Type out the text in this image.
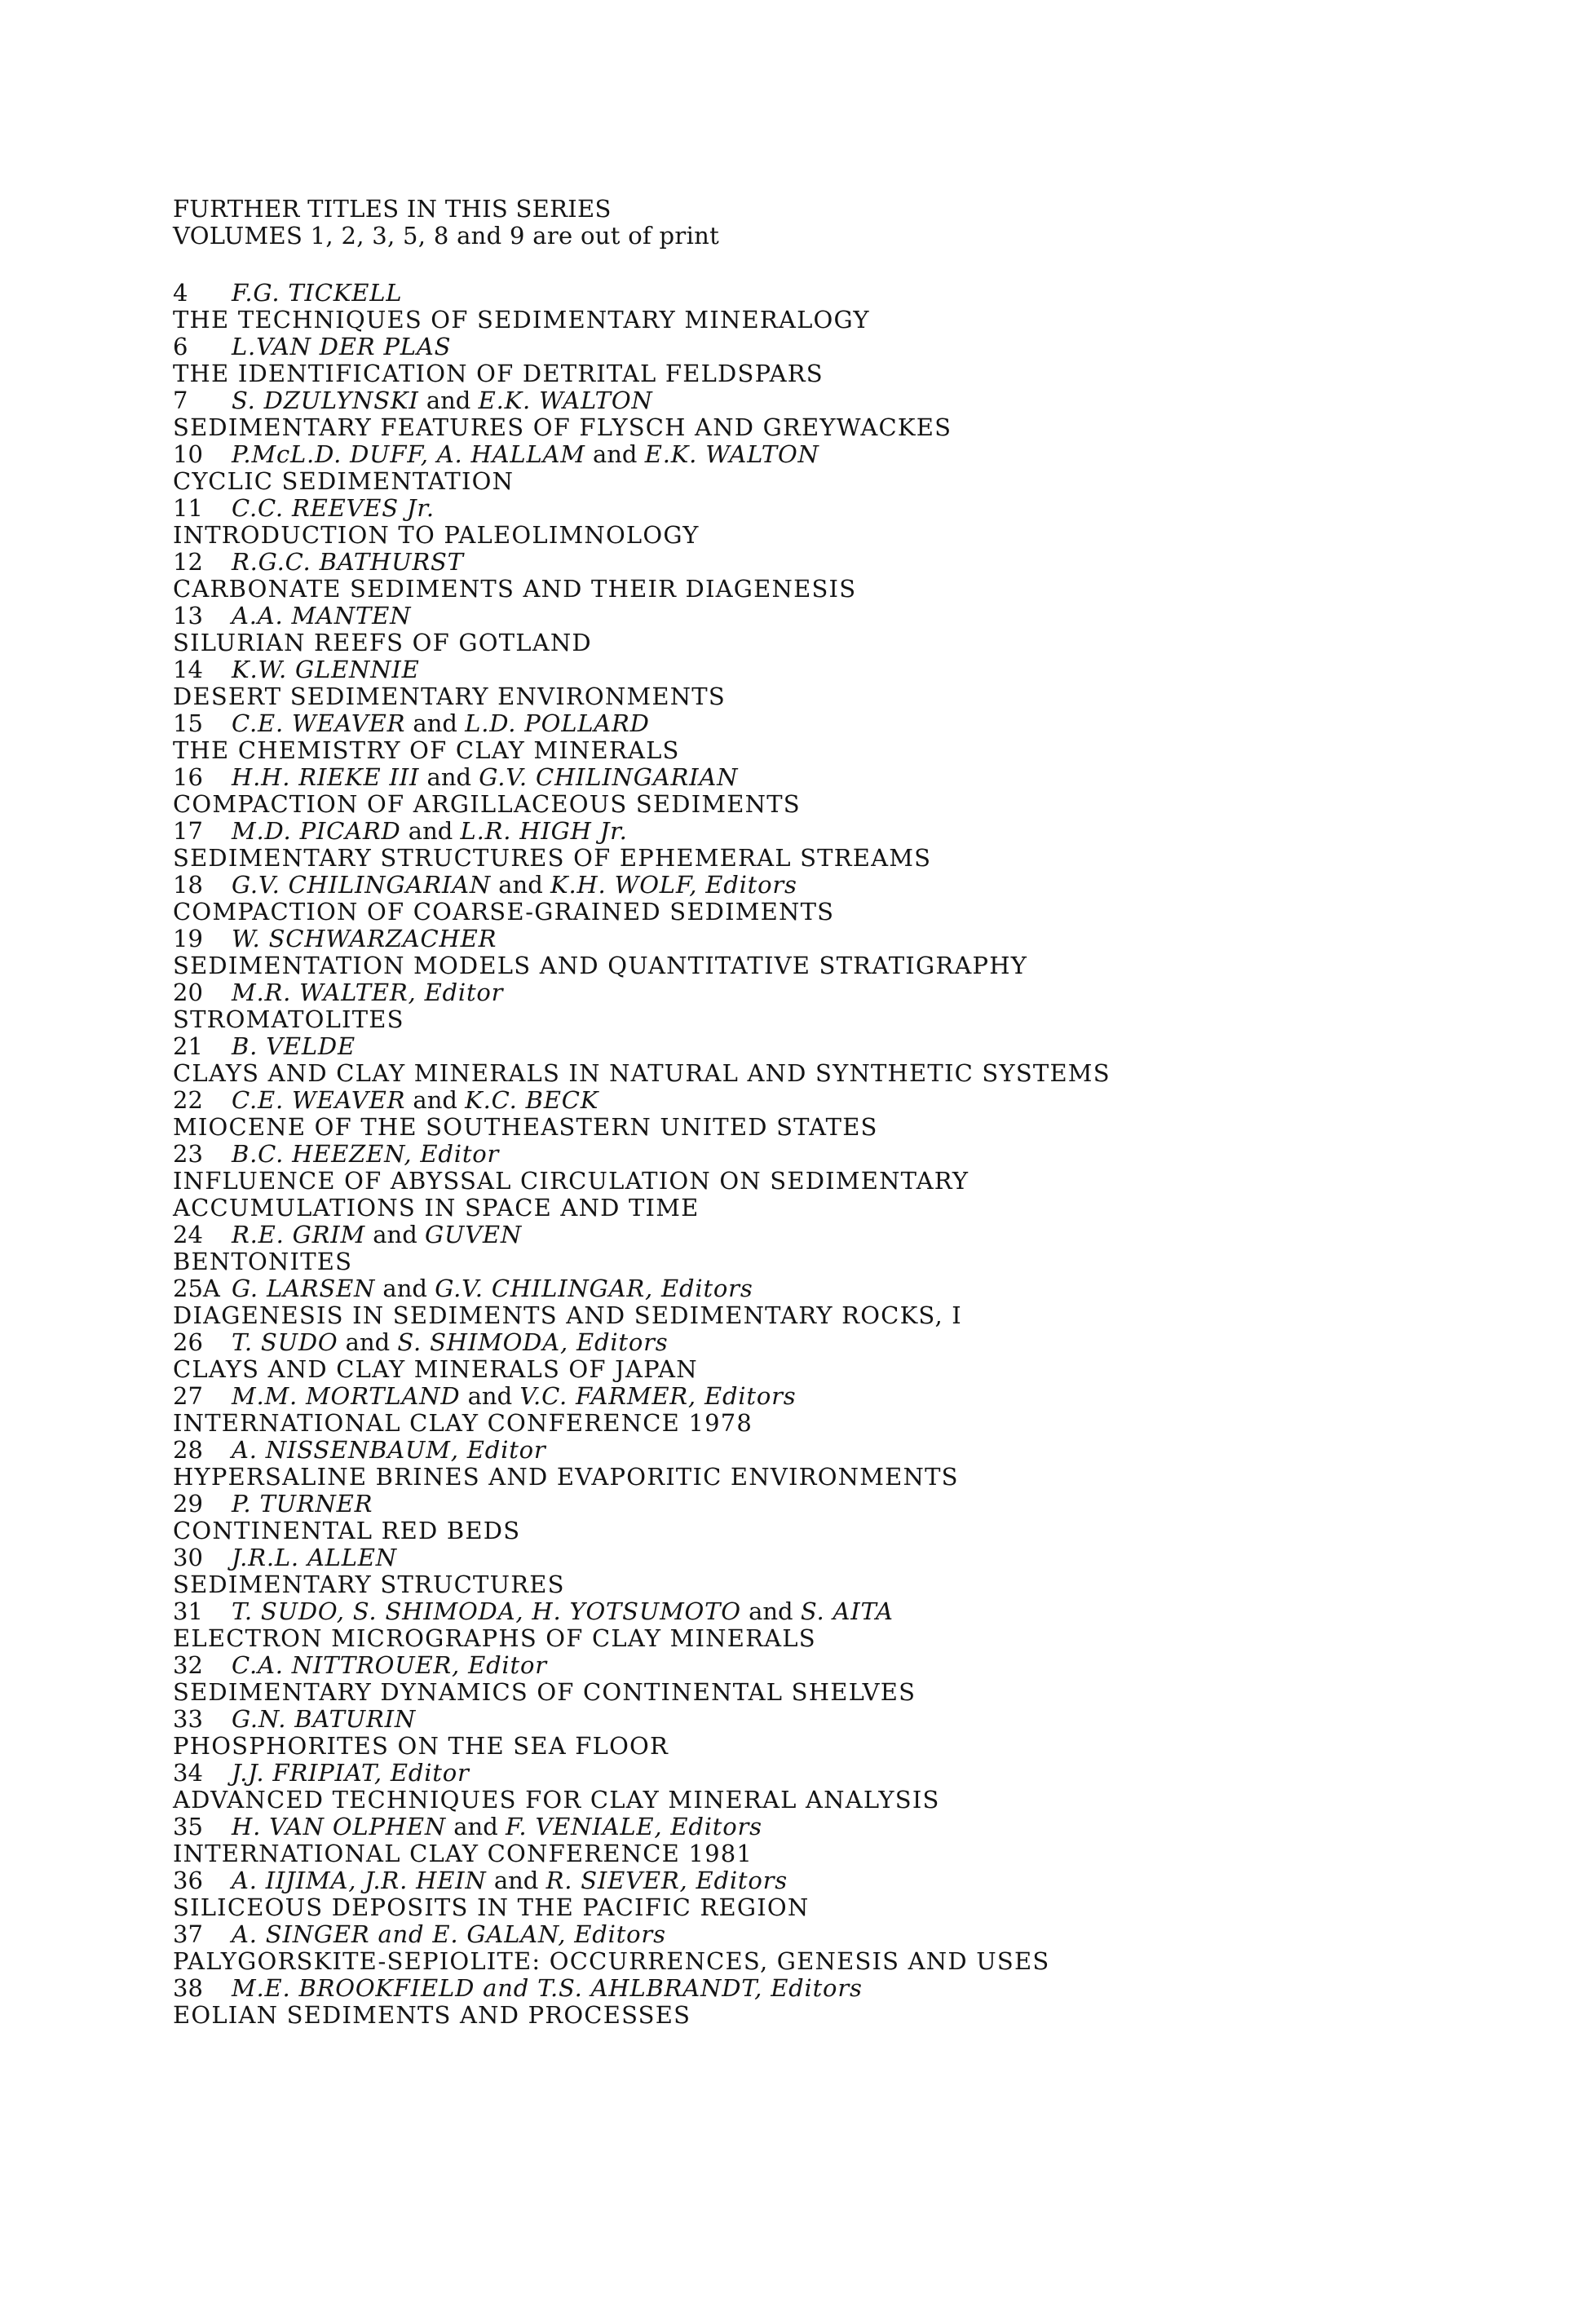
FURTHER TITLES IN THIS SERIES
VOLUMES 1, 2, 3, 5, 8 and 9 are out of print
4 F.G. TICKELL
THE TECHNIQUES OF SEDIMENTARY MINERALOGY
6 L.VAN DER PLAS
THE IDENTIFICATION OF DETRITAL FELDSPARS
7 S. DZULYNSKI and E.K. WALTON
SEDIMENTARY FEATURES OF FLYSCH AND GREYWACKES
10 P.McL.D. DUFF, A. HALLAM and E.K. WALTON
CYCLIC SEDIMENTATION
11 C.C. REEVES Jr.
INTRODUCTION TO PALEOLIMNOLOGY
12 R.G.C. BATHURST
CARBONATE SEDIMENTS AND THEIR DIAGENESIS
13 A.A. MANTEN
SILURIAN REEFS OF GOTLAND
14 K.W. GLENNIE
DESERT SEDIMENTARY ENVIRONMENTS
15 C.E. WEAVER and L.D. POLLARD
THE CHEMISTRY OF CLAY MINERALS
16 H.H. RIEKE III and G.V. CHILINGARIAN
COMPACTION OF ARGILLACEOUS SEDIMENTS
17 M.D. PICARD and L.R. HIGH Jr.
SEDIMENTARY STRUCTURES OF EPHEMERAL STREAMS
18 G.V. CHILINGARIAN and K.H. WOLF, Editors
COMPACTION OF COARSE-GRAINED SEDIMENTS
19 W. SCHWARZACHER
SEDIMENTATION MODELS AND QUANTITATIVE STRATIGRAPHY
20 M.R. WALTER, Editor
STROMATOLITES
21 B. VELDE
CLAYS AND CLAY MINERALS IN NATURAL AND SYNTHETIC SYSTEMS
22 C.E. WEAVER and K.C. BECK
MIOCENE OF THE SOUTHEASTERN UNITED STATES
23 B.C. HEEZEN, Editor
INFLUENCE OF ABYSSAL CIRCULATION ON SEDIMENTARY
ACCUMULATIONS IN SPACE AND TIME
24 R.E. GRIM and GUVEN
BENTONITES
25A G. LARSEN and G.V. CHILINGAR, Editors
DIAGENESIS IN SEDIMENTS AND SEDIMENTARY ROCKS, I
26 T. SUDO and S. SHIMODA, Editors
CLAYS AND CLAY MINERALS OF JAPAN
27 M.M. MORTLAND and V.C. FARMER, Editors
INTERNATIONAL CLAY CONFERENCE 1978
28 A. NISSENBAUM, Editor
HYPERSALINE BRINES AND EVAPORITIC ENVIRONMENTS
29 P. TURNER
CONTINENTAL RED BEDS
30 J.R.L. ALLEN
SEDIMENTARY STRUCTURES
31 T. SUDO, S. SHIMODA, H. YOTSUMOTO and S. AITA
ELECTRON MICROGRAPHS OF CLAY MINERALS
32 C.A. NITTROUER, Editor
SEDIMENTARY DYNAMICS OF CONTINENTAL SHELVES
33 G.N. BATURIN
PHOSPHORITES ON THE SEA FLOOR
34 J.J. FRIPIAT, Editor
ADVANCED TECHNIQUES FOR CLAY MINERAL ANALYSIS
35 H. VAN OLPHEN and F. VENIALE, Editors
INTERNATIONAL CLAY CONFERENCE 1981
36 A. IIJIMA, J.R. HEIN and R. SIEVER, Editors
SILICEOUS DEPOSITS IN THE PACIFIC REGION
37 A. SINGER and E. GALAN, Editors
PALYGORSKITE-SEPIOLITE: OCCURRENCES, GENESIS AND USES
38 M.E. BROOKFIELD and T.S. AHLBRANDT, Editors
EOLIAN SEDIMENTS AND PROCESSES
